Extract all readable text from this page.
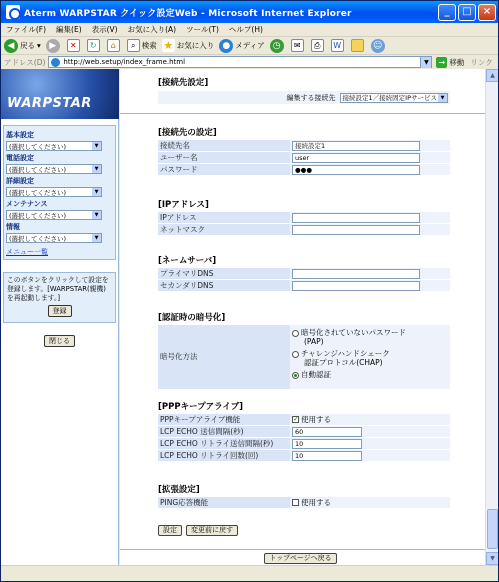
Aterm WARPSTAR クイック設定Web - Microsoft Internet Explorer	_	□	×
ファイル(F)	編集(E)	表示(V)	お気に入り(A)	ツール(T)	ヘルプ(H)
◀ 戻る ▾ ▶	✕	↻	⌂	⌕ 検索 ★ お気に入り ● メディア ◷	✉	⎙	W	☺
アドレス(D)	http://web.setup/index_frame.html	▼	→ 移動 リンク
WARPSTAR
基本設定
(選択してください) ▼
電話設定
(選択してください) ▼
詳細設定
(選択してください) ▼
メンテナンス
(選択してください) ▼
情報
(選択してください) ▼
メニュー一覧
このボタンをクリックして設定を登録します。[WARPSTAR(親機)を再起動します。]
登録
閉じる
[接続先設定]
編集する接続先	接続設定1／接続固定IPサービス ▼
[接続先の設定]
接続先名	接続設定1
ユーザー名	user
パスワード	●●●
[IPアドレス]
IPアドレス
ネットマスク
[ネームサーバ]
プライマリDNS
セカンダリDNS
[認証時の暗号化]
暗号化方法
暗号化されていないパスワード
(PAP)
チャレンジハンドシェーク
認証プロトコル(CHAP)
自動認証
[PPPキープアライブ]
PPPキープアライブ機能 ✓	使用する
LCP ECHO 送信間隔(秒)	60
LCP ECHO リトライ送信間隔(秒)	10
LCP ECHO リトライ回数(回)	10
[拡張設定]
PING応答機能	使用する
設定	変更前に戻す
トップページへ戻る
▲
▼
